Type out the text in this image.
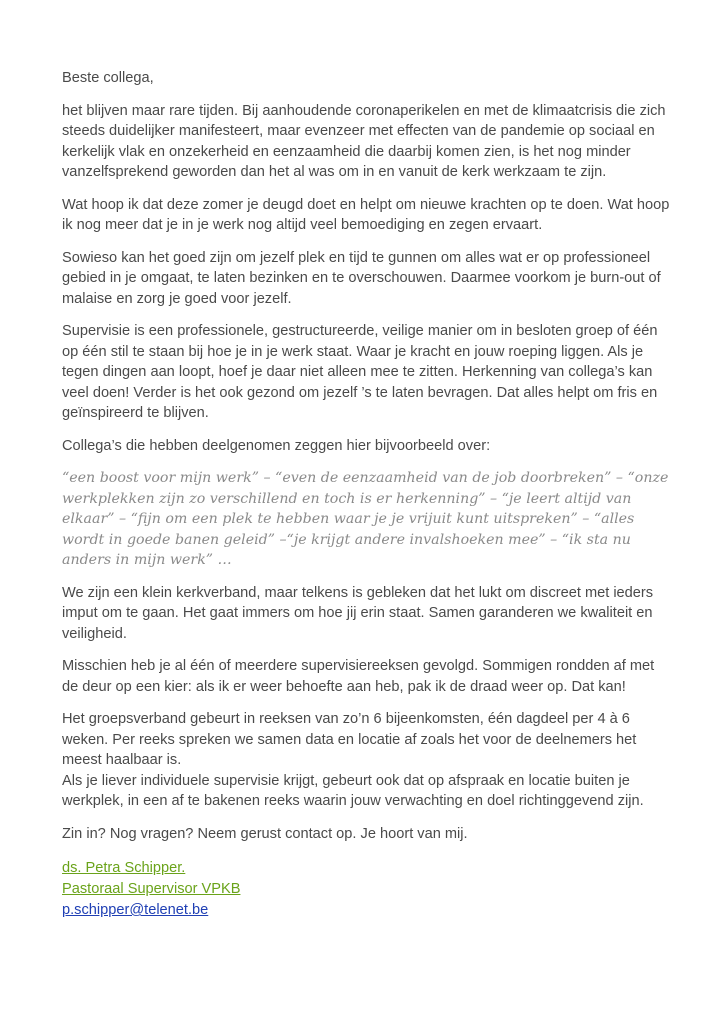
Beste collega,

het blijven maar rare tijden. Bij aanhoudende coronaperikelen en met de klimaatcrisis die zich steeds duidelijker manifesteert, maar evenzeer met effecten van de pandemie op sociaal en kerkelijk vlak en onzekerheid en eenzaamheid die daarbij komen zien, is het nog minder vanzelfsprekend geworden dan het al was om in en vanuit de kerk werkzaam te zijn.

Wat hoop ik dat deze zomer je deugd doet en helpt om nieuwe krachten op te doen. Wat hoop ik nog meer dat je in je werk nog altijd veel bemoediging en zegen ervaart.

Sowieso kan het goed zijn om jezelf plek en tijd te gunnen om alles wat er op professioneel gebied in je omgaat, te laten bezinken en te overschouwen. Daarmee voorkom je burn-out of malaise en zorg je goed voor jezelf.

Supervisie is een professionele, gestructureerde, veilige manier om in besloten groep of één op één stil te staan bij hoe je in je werk staat. Waar je kracht en jouw roeping liggen. Als je tegen dingen aan loopt, hoef je daar niet alleen mee te zitten. Herkenning van collega’s kan veel doen! Verder is het ook gezond om jezelf ’s te laten bevragen. Dat alles helpt om fris en geïnspireerd te blijven.

Collega’s die hebben deelgenomen zeggen hier bijvoorbeeld over:

“een boost voor mijn werk” – “even de eenzaamheid van de job doorbreken” – “onze werkplekken zijn zo verschillend en toch is er herkenning” – “je leert altijd van elkaar” – “fijn om een plek te hebben waar je je vrijuit kunt uitspreken” – “alles wordt in goede banen geleid” –“je krijgt andere invalshoeken mee” – “ik sta nu anders in mijn werk” …

We zijn een klein kerkverband, maar telkens is gebleken dat het lukt om discreet met ieders imput om te gaan. Het gaat immers om hoe jij erin staat. Samen garanderen we kwaliteit en veiligheid.

Misschien heb je al één of meerdere supervisiereeksen gevolgd. Sommigen rondden af met de deur op een kier: als ik er weer behoefte aan heb, pak ik de draad weer op. Dat kan!

Het groepsverband gebeurt in reeksen van zo’n 6 bijeenkomsten, één dagdeel per 4 à 6 weken. Per reeks spreken we samen data en locatie af zoals het voor de deelnemers het meest haalbaar is.
Als je liever individuele supervisie krijgt, gebeurt ook dat op afspraak en locatie buiten je werkplek, in een af te bakenen reeks waarin jouw verwachting en doel richtinggevend zijn.

Zin in? Nog vragen? Neem gerust contact op. Je hoort van mij.

ds. Petra Schipper.
Pastoraal Supervisor VPKB
p.schipper@telenet.be
